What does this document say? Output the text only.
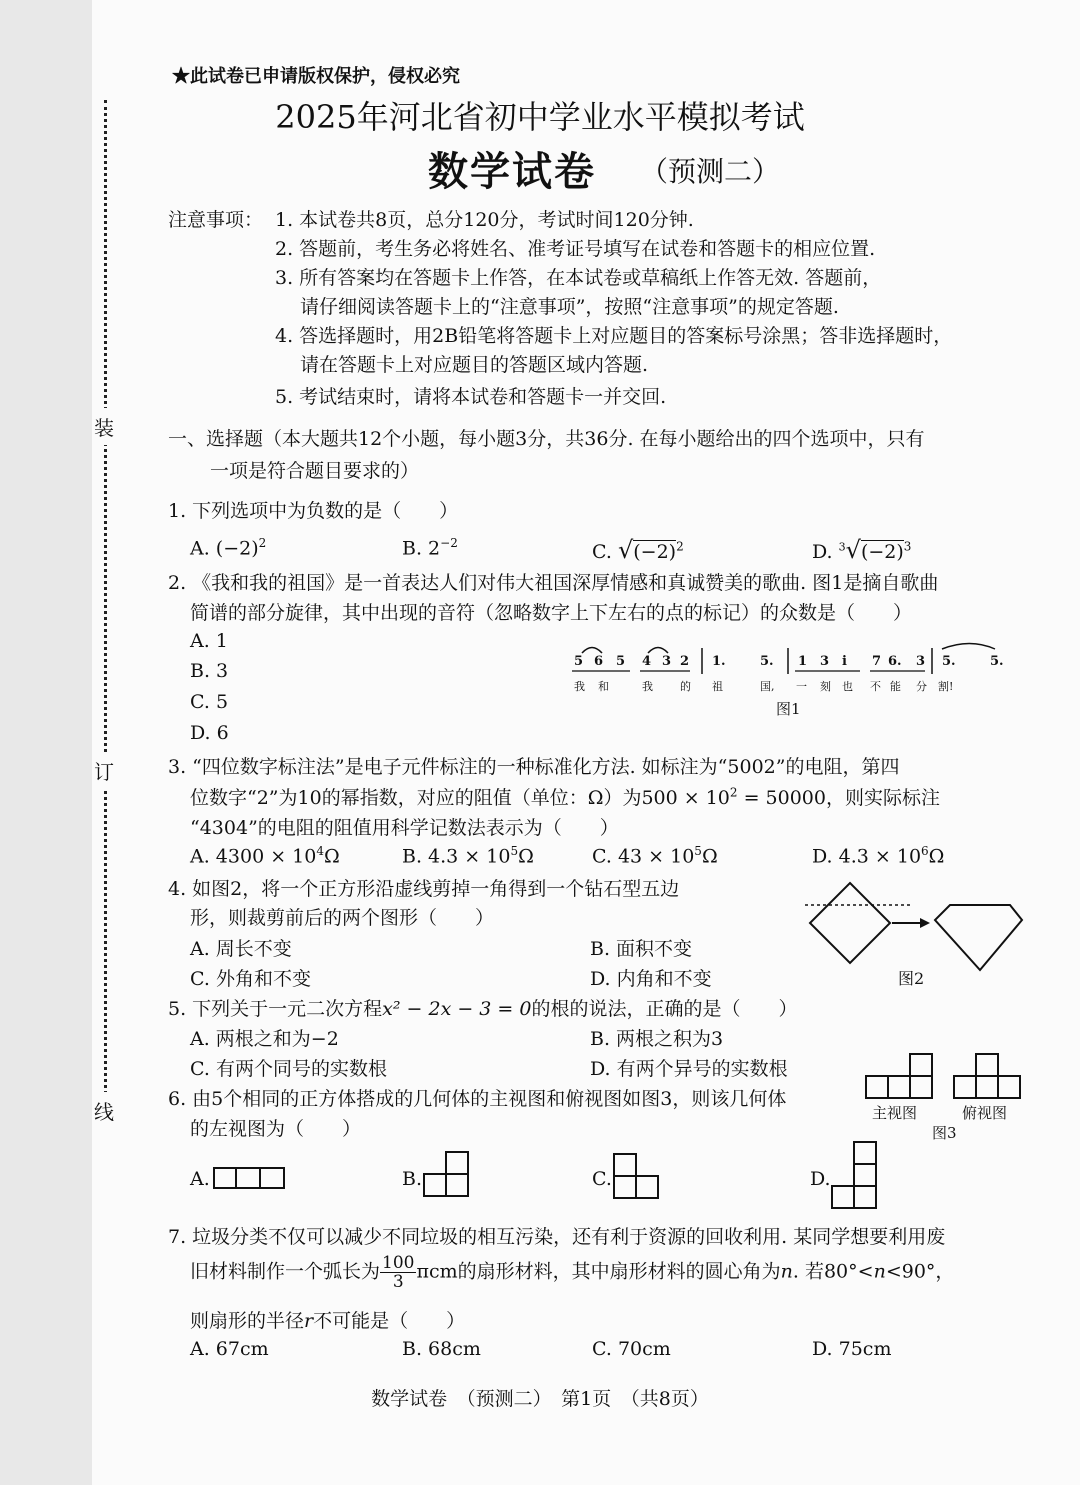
装
订
线
★此试卷已申请版权保护，侵权必究
2025年河北省初中学业水平模拟考试
数学试卷 （预测二）
注意事项： 1. 本试卷共8页，总分120分，考试时间120分钟.
2. 答题前，考生务必将姓名、准考证号填写在试卷和答题卡的相应位置.
3. 所有答案均在答题卡上作答，在本试卷或草稿纸上作答无效. 答题前，
请仔细阅读答题卡上的“注意事项”，按照“注意事项”的规定答题.
4. 答选择题时，用2B铅笔将答题卡上对应题目的答案标号涂黑；答非选择题时，
请在答题卡上对应题目的答题区域内答题.
5. 考试结束时，请将本试卷和答题卡一并交回.
一、选择题（本大题共12个小题，每小题3分，共36分. 在每小题给出的四个选项中，只有
一项是符合题目要求的）
1. 下列选项中为负数的是（　　）
A. $(-2)^2$	B. $2^{-2}$	C. $√(-2)^2$	D. $^3√(-2)^3$
2. 《我和我的祖国》是一首表达人们对伟大祖国深厚情感和真诚赞美的歌曲. 图1是摘自歌曲
简谱的部分旋律，其中出现的音符（忽略数字上下左右的点的标记）的众数是（　　）
A. 1
B. 3
C. 5
D. 6
5 6 5 4 3 2 1.	5. 1 3 i 7 6. 3 5.	5.
我 和	我 的 祖	国, 一 刻 也 不 能 分 割!
图1
3. “四位数字标注法”是电子元件标注的一种标准化方法. 如标注为“5002”的电阻，第四
位数字“2”为10的幂指数，对应的阻值（单位：Ω）为$500 \times 10^2 = 50000$，则实际标注
“4304”的电阻的阻值用科学记数法表示为（　　）
A. $4300 \times 10^4\Omega$	B. $4.3 \times 10^5\Omega$	C. $43 \times 10^5\Omega$	D. $4.3 \times 10^6\Omega$
4. 如图2，将一个正方形沿虚线剪掉一角得到一个钻石型五边
形，则裁剪前后的两个图形（　　）
A. 周长不变	B. 面积不变
C. 外角和不变	D. 内角和不变	图2
5. 下列关于一元二次方程x² − 2x − 3 = 0的根的说法，正确的是（　　）
A. 两根之和为−2	B. 两根之积为3
C. 有两个同号的实数根	D. 有两个异号的实数根
6. 由5个相同的正方体搭成的几何体的主视图和俯视图如图3，则该几何体
的左视图为（　　）
主视图	俯视图
图3
A.	B.	C.	D.
7. 垃圾分类不仅可以减少不同垃圾的相互污染，还有利于资源的回收利用. 某同学想要利用废
旧材料制作一个弧长为 $\frac{100}{3}$ πcm的扇形材料，其中扇形材料的圆心角为n. 若80°<n<90°，
则扇形的半径r不可能是（　　）
A. 67cm	B. 68cm	C. 70cm	D. 75cm
数学试卷　（预测二）　第1页　（共8页）
